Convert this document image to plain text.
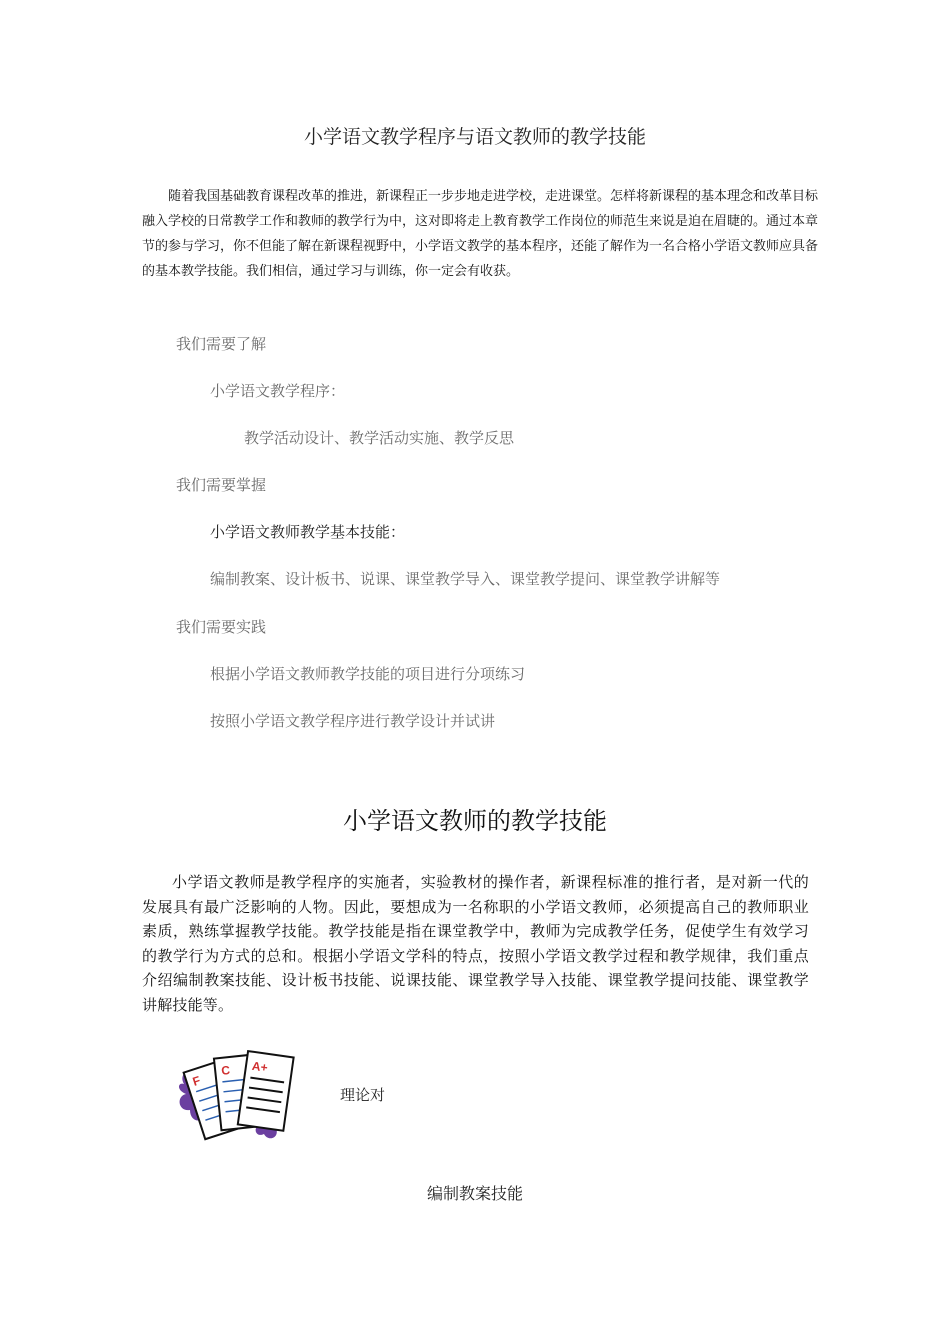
小学语文教学程序与语文教师的教学技能

随着我国基础教育课程改革的推进，新课程正一步步地走进学校，走进课堂。怎样将新课程的基本理念和改革目标融入学校的日常教学工作和教师的教学行为中，这对即将走上教育教学工作岗位的师范生来说是迫在眉睫的。通过本章节的参与学习，你不但能了解在新课程视野中，小学语文教学的基本程序，还能了解作为一名合格小学语文教师应具备的基本教学技能。我们相信，通过学习与训练，你一定会有收获。

我们需要了解
小学语文教学程序：
教学活动设计、教学活动实施、教学反思
我们需要掌握
小学语文教师教学基本技能：
编制教案、设计板书、说课、课堂教学导入、课堂教学提问、课堂教学讲解等
我们需要实践
根据小学语文教师教学技能的项目进行分项练习
按照小学语文教学程序进行教学设计并试讲
小学语文教师的教学技能

小学语文教师是教学程序的实施者，实验教材的操作者，新课程标准的推行者，是对新一代的发展具有最广泛影响的人物。因此，要想成为一名称职的小学语文教师，必须提高自己的教师职业素质，熟练掌握教学技能。教学技能是指在课堂教学中，教师为完成教学任务，促使学生有效学习的教学行为方式的总和。根据小学语文学科的特点，按照小学语文教学过程和教学规律，我们重点介绍编制教案技能、设计板书技能、说课技能、课堂教学导入技能、课堂教学提问技能、课堂教学讲解技能等。

F
C A+
理论对
编制教案技能
